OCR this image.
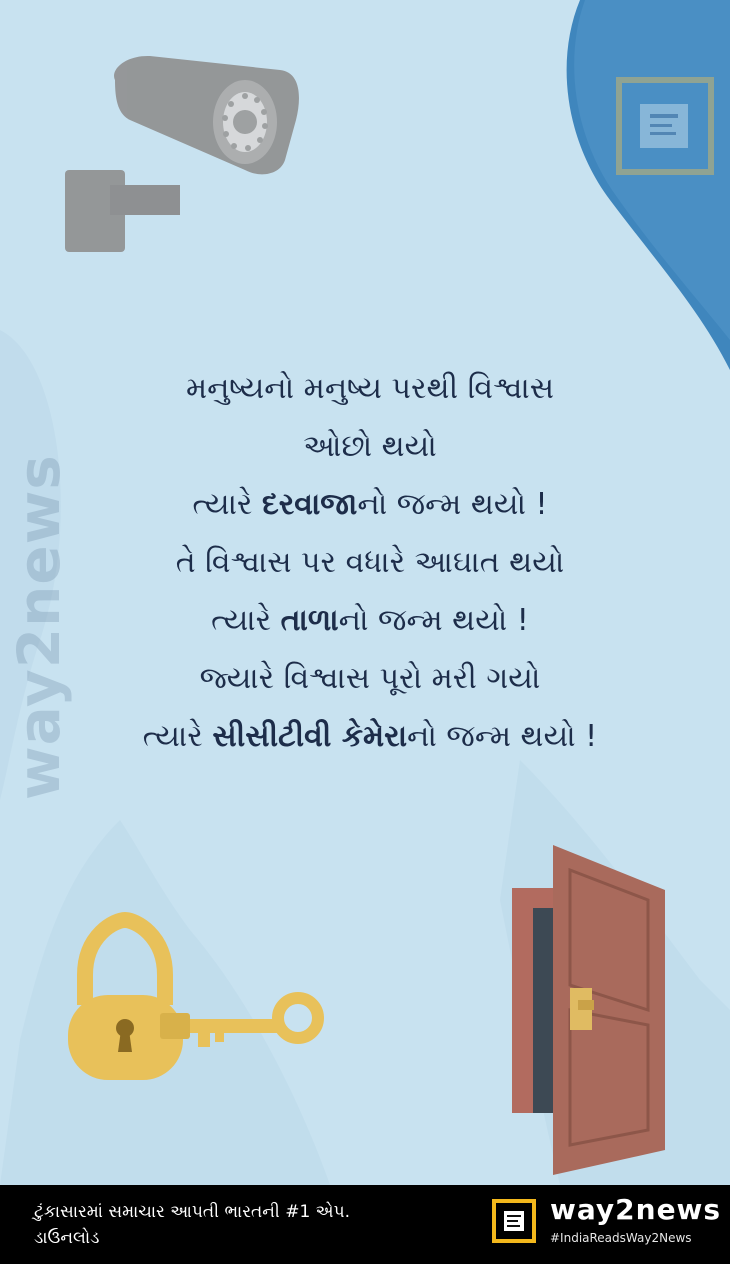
way2news
મનુષ્યનો મનુષ્ય પરથી વિશ્વાસ
ઓછો થયો
ત્યારે દરવાજાનો જન્મ થયો !
તે વિશ્વાસ પર વધારે આઘાત થયો
ત્યારે તાળાનો જન્મ થયો !
જ્યારે વિશ્વાસ પૂરો મરી ગયો
ત્યારે સીસીટીવી કેમેરાનો જન્મ થયો !
ટુંકાસારમાં સમાચાર આપતી ભારતની #1 એપ.
ડાઉનલોડ
way2news
#IndiaReadsWay2News
